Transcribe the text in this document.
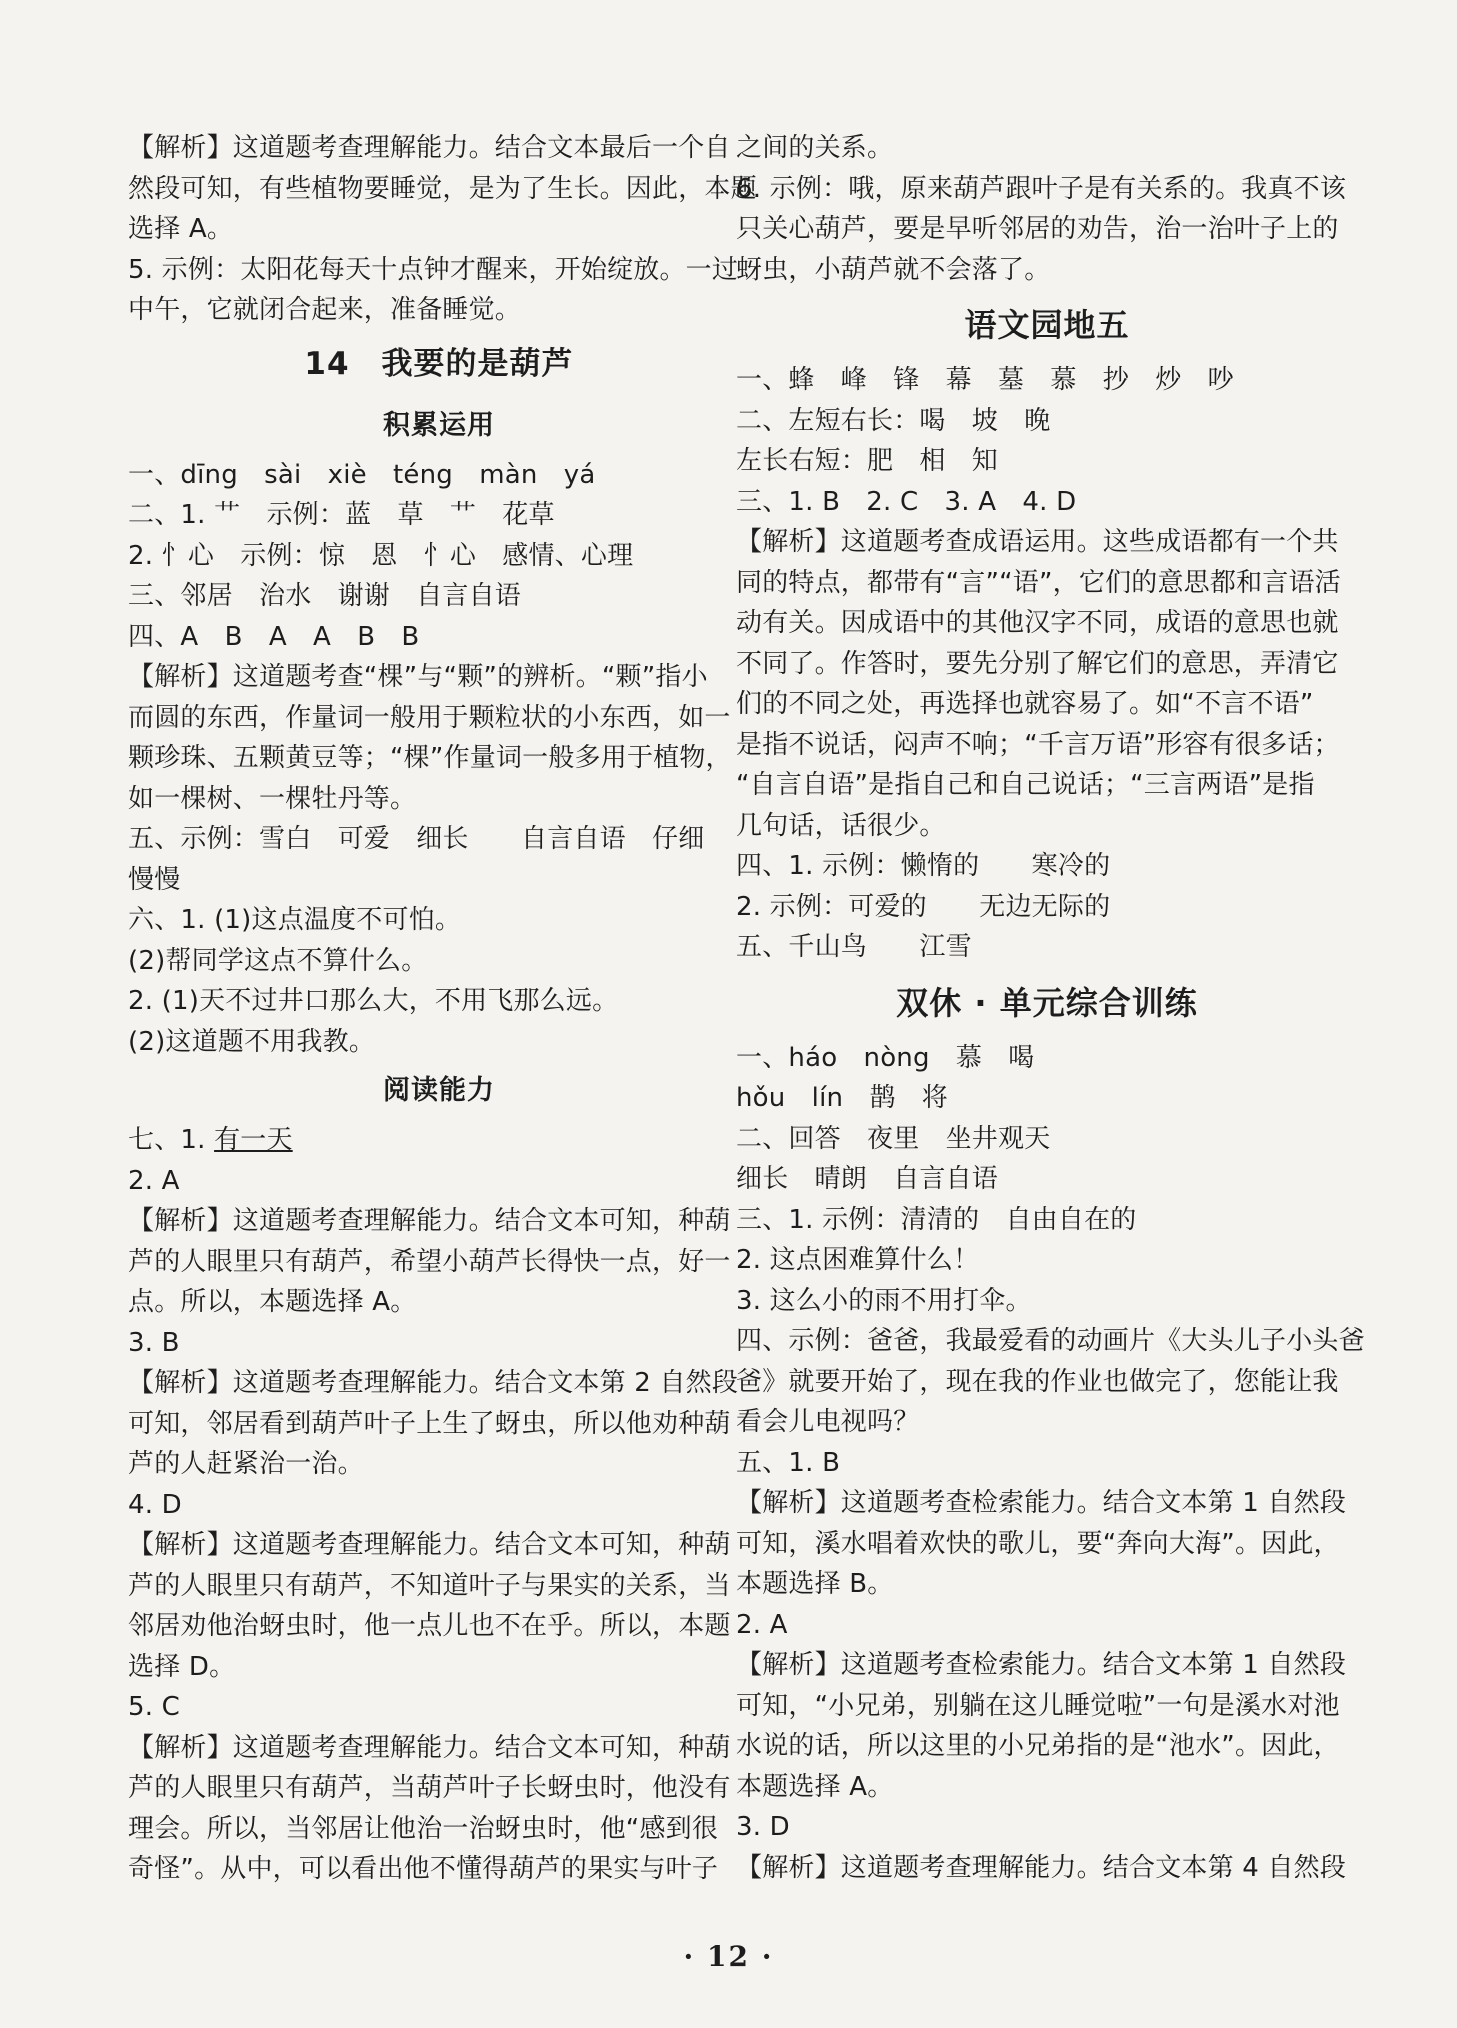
【解析】这道题考查理解能力。结合文本最后一个自
然段可知，有些植物要睡觉，是为了生长。因此，本题
选择 A。
5. 示例：太阳花每天十点钟才醒来，开始绽放。一过
中午，它就闭合起来，准备睡觉。
14　我要的是葫芦
积累运用
一、dīng　sài　xiè　téng　màn　yá
二、1. 艹　示例：蓝　草　艹　花草
2. 忄心　示例：惊　恩　忄心　感情、心理
三、邻居　治水　谢谢　自言自语
四、A　B　A　A　B　B
【解析】这道题考查“棵”与“颗”的辨析。“颗”指小
而圆的东西，作量词一般用于颗粒状的小东西，如一
颗珍珠、五颗黄豆等；“棵”作量词一般多用于植物，
如一棵树、一棵牡丹等。
五、示例：雪白　可爱　细长　　自言自语　仔细
慢慢
六、1. (1)这点温度不可怕。
(2)帮同学这点不算什么。
2. (1)天不过井口那么大，不用飞那么远。
(2)这道题不用我教。
阅读能力
七、1. 有一天
2. A
【解析】这道题考查理解能力。结合文本可知，种葫
芦的人眼里只有葫芦，希望小葫芦长得快一点，好一
点。所以，本题选择 A。
3. B
【解析】这道题考查理解能力。结合文本第 2 自然段
可知，邻居看到葫芦叶子上生了蚜虫，所以他劝种葫
芦的人赶紧治一治。
4. D
【解析】这道题考查理解能力。结合文本可知，种葫
芦的人眼里只有葫芦，不知道叶子与果实的关系，当
邻居劝他治蚜虫时，他一点儿也不在乎。所以，本题
选择 D。
5. C
【解析】这道题考查理解能力。结合文本可知，种葫
芦的人眼里只有葫芦，当葫芦叶子长蚜虫时，他没有
理会。所以，当邻居让他治一治蚜虫时，他“感到很
奇怪”。从中，可以看出他不懂得葫芦的果实与叶子
之间的关系。
6. 示例：哦，原来葫芦跟叶子是有关系的。我真不该
只关心葫芦，要是早听邻居的劝告，治一治叶子上的
蚜虫，小葫芦就不会落了。
语文园地五
一、蜂　峰　锋　幕　墓　慕　抄　炒　吵
二、左短右长：喝　坡　晚
左长右短：肥　相　知
三、1. B　2. C　3. A　4. D
【解析】这道题考查成语运用。这些成语都有一个共
同的特点，都带有“言”“语”，它们的意思都和言语活
动有关。因成语中的其他汉字不同，成语的意思也就
不同了。作答时，要先分别了解它们的意思，弄清它
们的不同之处，再选择也就容易了。如“不言不语”
是指不说话，闷声不响；“千言万语”形容有很多话；
“自言自语”是指自己和自己说话；“三言两语”是指
几句话，话很少。
四、1. 示例：懒惰的　　寒冷的
2. 示例：可爱的　　无边无际的
五、千山鸟　　江雪
双休 · 单元综合训练
一、háo　nòng　慕　喝
hǒu　lín　鹊　将
二、回答　夜里　坐井观天
细长　晴朗　自言自语
三、1. 示例：清清的　自由自在的
2. 这点困难算什么！
3. 这么小的雨不用打伞。
四、示例：爸爸，我最爱看的动画片《大头儿子小头爸
爸》就要开始了，现在我的作业也做完了，您能让我
看会儿电视吗？
五、1. B
【解析】这道题考查检索能力。结合文本第 1 自然段
可知，溪水唱着欢快的歌儿，要“奔向大海”。因此，
本题选择 B。
2. A
【解析】这道题考查检索能力。结合文本第 1 自然段
可知，“小兄弟，别躺在这儿睡觉啦”一句是溪水对池
水说的话，所以这里的小兄弟指的是“池水”。因此，
本题选择 A。
3. D
【解析】这道题考查理解能力。结合文本第 4 自然段
· 12 ·
